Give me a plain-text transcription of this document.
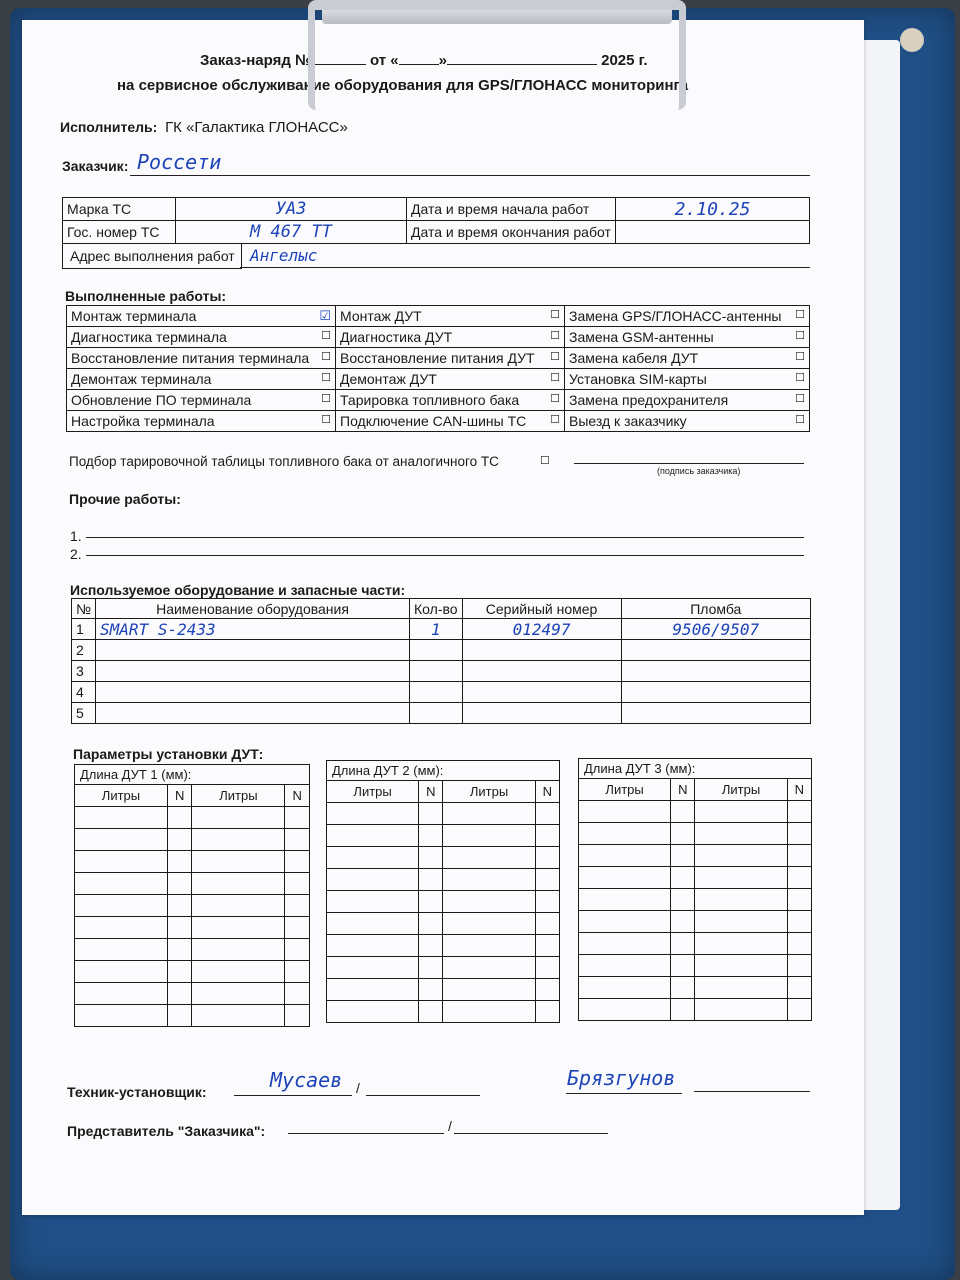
Заказ-наряд №	от «	»	2025 г.
на сервисное обслуживание оборудования для GPS/ГЛОНАСС мониторинга
Исполнитель: ГК «Галактика ГЛОНАСС»
Заказчик: Россети
Марка ТС	УАЗ	Дата и время начала работ	2.10.25
Гос. номер ТС	М 467 ТТ	Дата и время окончания работ	
Адрес выполнения работ Ангелыс
Выполненные работы:
Монтаж терминала ☑	Монтаж ДУТ ☐	Замена GPS/ГЛОНАСС-антенны ☐

Диагностика терминала ☐	Диагностика ДУТ ☐	Замена GSM-антенны ☐

Восстановление питания терминала ☐	Восстановление питания ДУТ ☐	Замена кабеля ДУТ ☐

Демонтаж терминала ☐	Демонтаж ДУТ ☐	Установка SIM-карты ☐

Обновление ПО терминала ☐	Тарировка топливного бака ☐	Замена предохранителя ☐

Настройка терминала ☐	Подключение CAN-шины ТС ☐	Выезд к заказчику ☐
Подбор тарировочной таблицы топливного бака от аналогичного ТС	☐
(подпись заказчика)
Прочие работы:
1.
2.
Используемое оборудование и запасные части:
№	Наименование оборудования	Кол-во	Серийный номер	Пломба
1	SMART S-2433	1	012497	9506/9507
2				
3				
4				
5				
Параметры установки ДУТ:
Длина ДУТ 1 (мм):			
Литры	N	Литры	N

Длина ДУТ 2 (мм):			
Литры	N	Литры	N

Длина ДУТ 3 (мм):			
Литры	N	Литры	N

Техник-установщик:	Мусаев /	Брязгунов
Представитель "Заказчика":	/
